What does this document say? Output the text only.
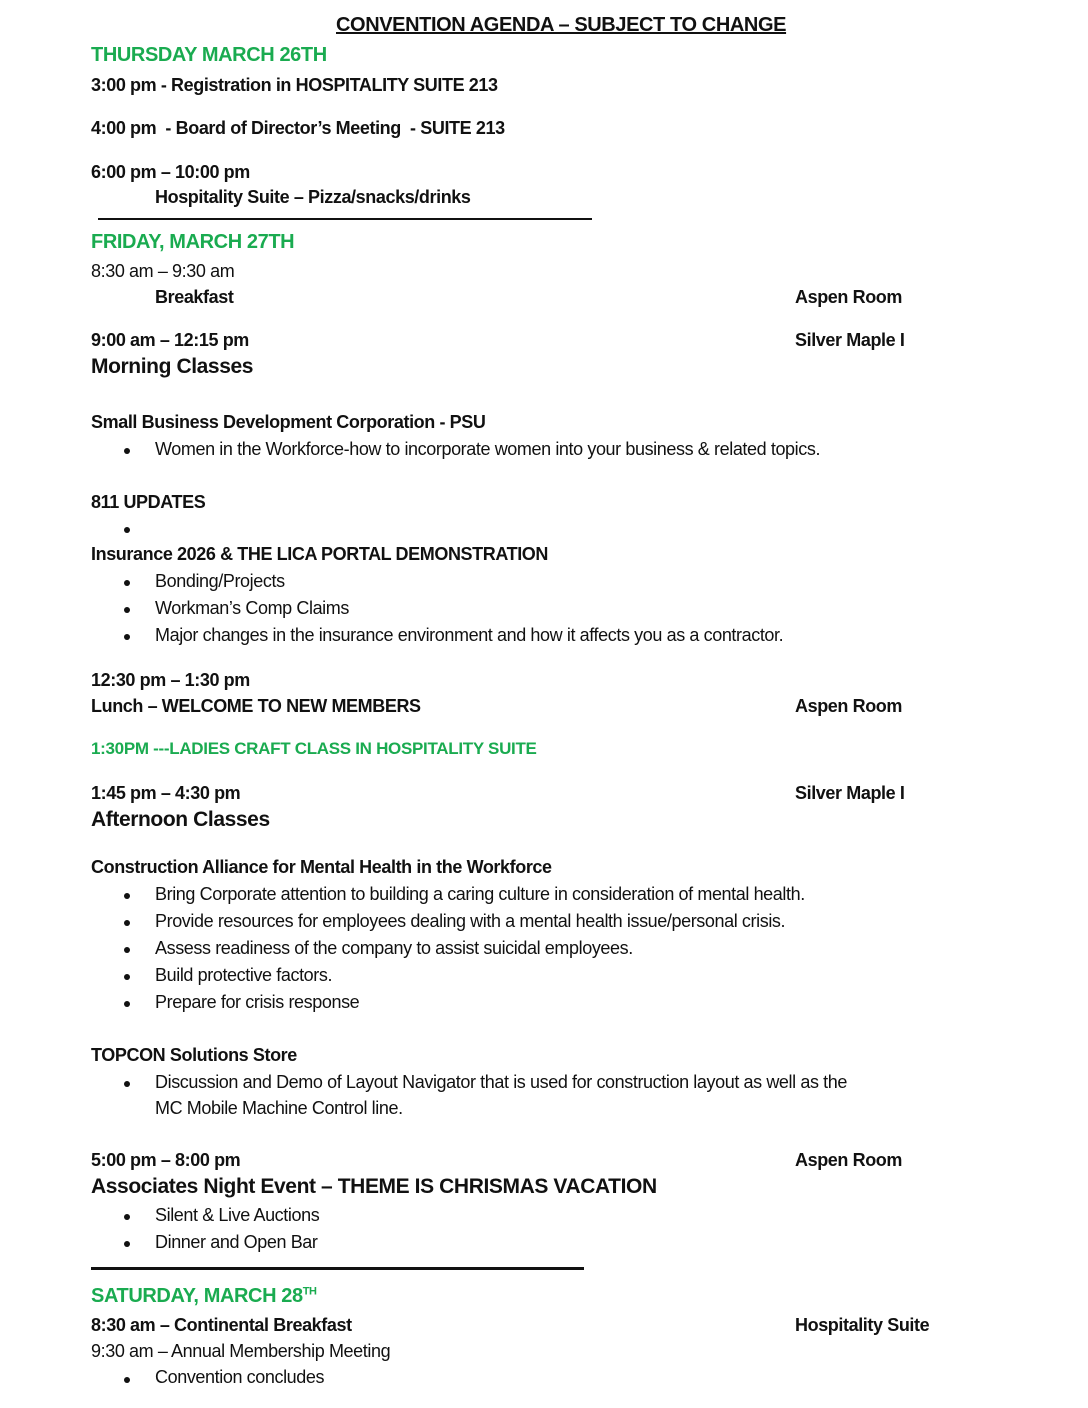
CONVENTION AGENDA – SUBJECT TO CHANGE
THURSDAY MARCH 26TH
3:00 pm - Registration in HOSPITALITY SUITE 213
4:00 pm  - Board of Director’s Meeting  - SUITE 213
6:00 pm – 10:00 pm
Hospitality Suite – Pizza/snacks/drinks
FRIDAY, MARCH 27TH
8:30 am – 9:30 am
Breakfast	Aspen Room
9:00 am – 12:15 pm	Silver Maple I
Morning Classes
Small Business Development Corporation - PSU
Women in the Workforce-how to incorporate women into your business & related topics.
811 UPDATES
Insurance 2026 & THE LICA PORTAL DEMONSTRATION
Bonding/Projects
Workman’s Comp Claims
Major changes in the insurance environment and how it affects you as a contractor.
12:30 pm – 1:30 pm
Lunch – WELCOME TO NEW MEMBERS	Aspen Room
1:30PM ---LADIES CRAFT CLASS IN HOSPITALITY SUITE
1:45 pm – 4:30 pm	Silver Maple I
Afternoon Classes
Construction Alliance for Mental Health in the Workforce
Bring Corporate attention to building a caring culture in consideration of mental health.
Provide resources for employees dealing with a mental health issue/personal crisis.
Assess readiness of the company to assist suicidal employees.
Build protective factors.
Prepare for crisis response
TOPCON Solutions Store
Discussion and Demo of Layout Navigator that is used for construction layout as well as the
MC Mobile Machine Control line.
5:00 pm – 8:00 pm	Aspen Room
Associates Night Event – THEME IS CHRISMAS VACATION
Silent & Live Auctions
Dinner and Open Bar
SATURDAY, MARCH 28TH
8:30 am – Continental Breakfast	Hospitality Suite
9:30 am – Annual Membership Meeting
Convention concludes
